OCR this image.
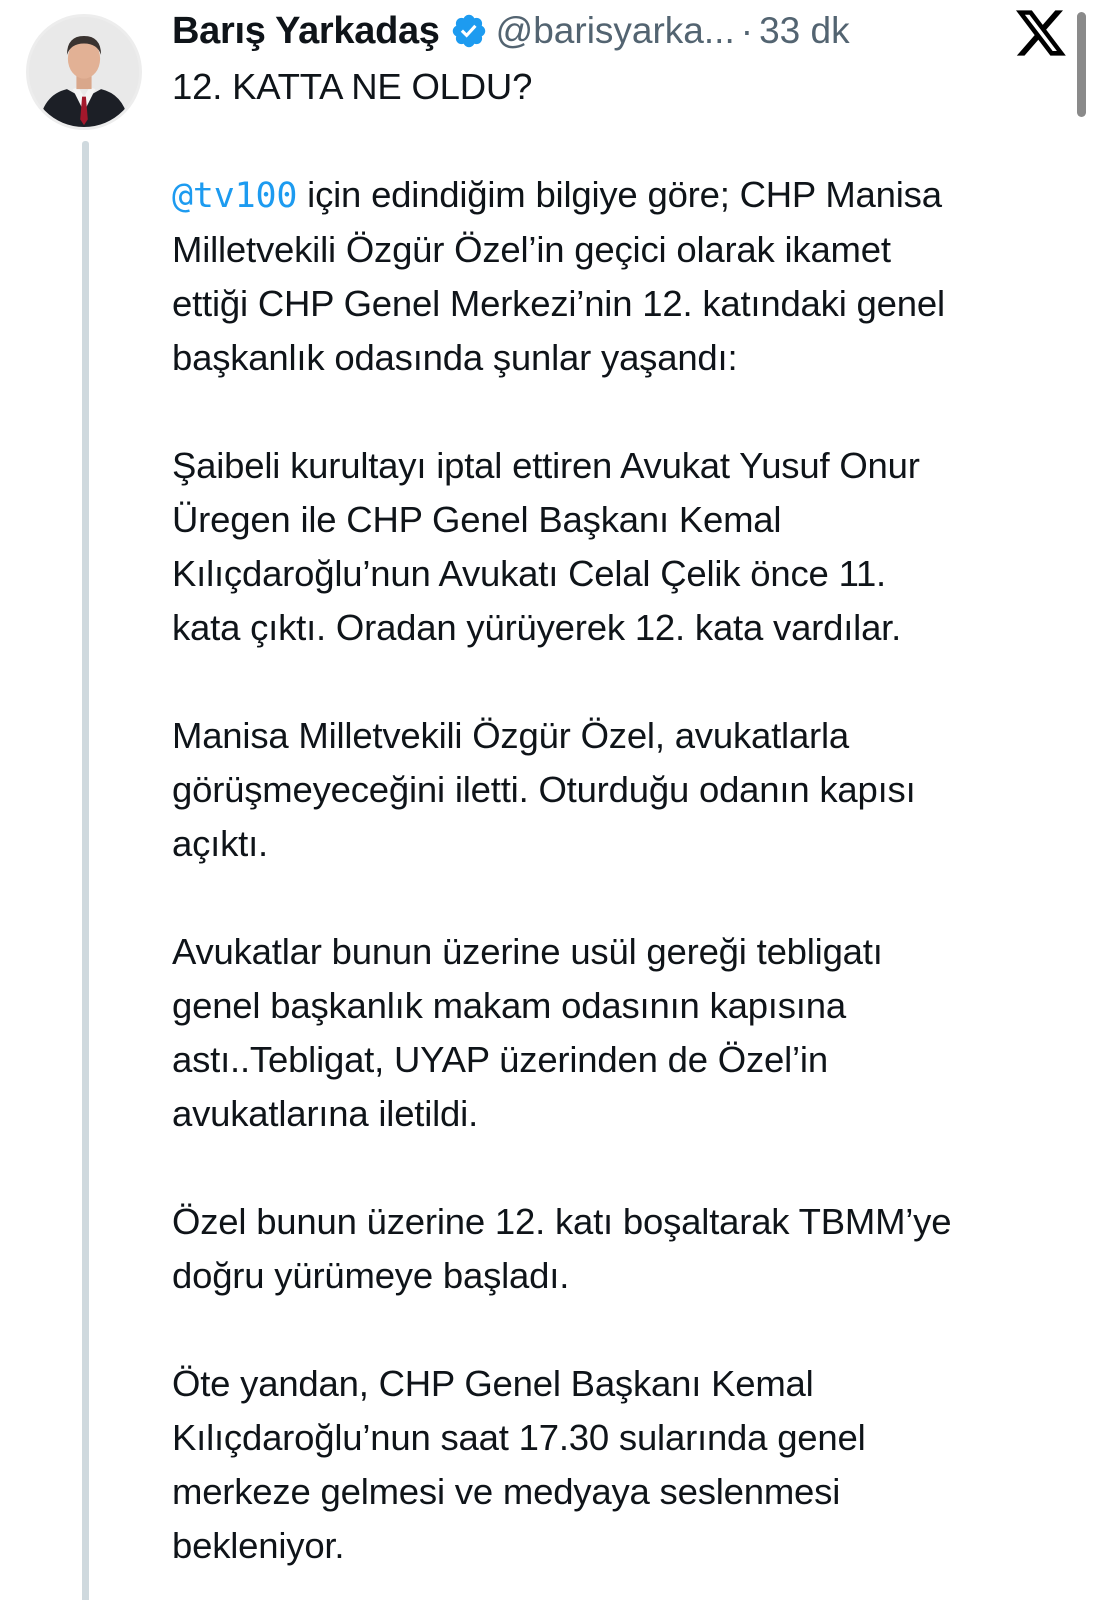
Barış Yarkadaş @barisyarka... · 33 dk

12. KATTA NE OLDU?

@tv100 için edindiğim bilgiye göre; CHP Manisa
Milletvekili Özgür Özel’in geçici olarak ikamet
ettiği CHP Genel Merkezi’nin 12. katındaki genel
başkanlık odasında şunlar yaşandı:

Şaibeli kurultayı iptal ettiren Avukat Yusuf Onur
Üregen ile CHP Genel Başkanı Kemal
Kılıçdaroğlu’nun Avukatı Celal Çelik önce 11.
kata çıktı. Oradan yürüyerek 12. kata vardılar.

Manisa Milletvekili Özgür Özel, avukatlarla
görüşmeyeceğini iletti. Oturduğu odanın kapısı
açıktı.

Avukatlar bunun üzerine usül gereği tebligatı
genel başkanlık makam odasının kapısına
astı..Tebligat, UYAP üzerinden de Özel’in
avukatlarına iletildi.

Özel bunun üzerine 12. katı boşaltarak TBMM’ye
doğru yürümeye başladı.

Öte yandan, CHP Genel Başkanı Kemal
Kılıçdaroğlu’nun saat 17.30 sularında genel
merkeze gelmesi ve medyaya seslenmesi
bekleniyor.
